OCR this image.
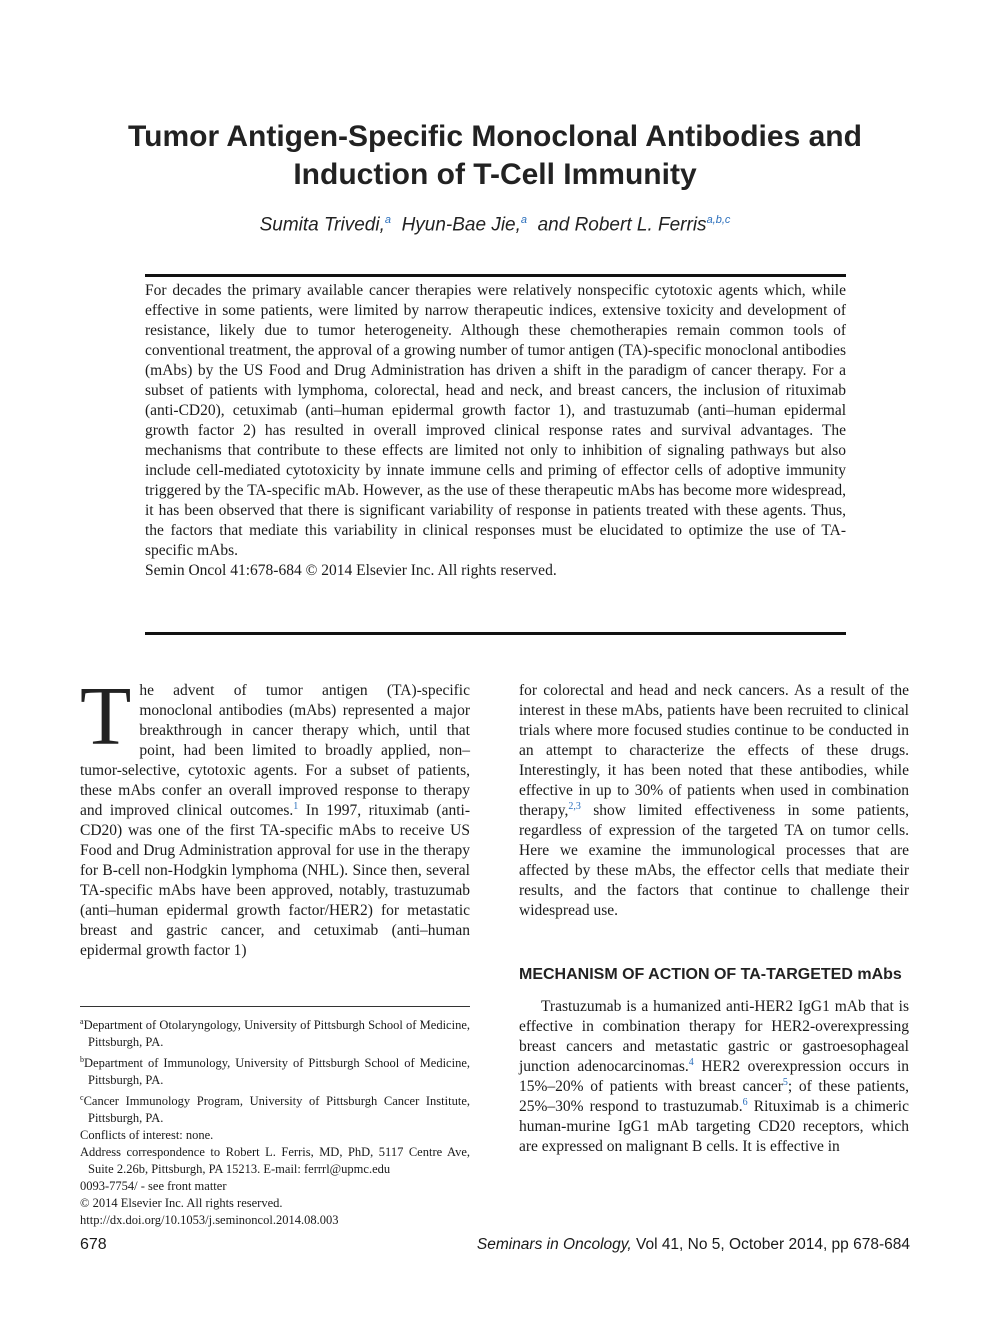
Tumor Antigen-Specific Monoclonal Antibodies and
Induction of T-Cell Immunity
Sumita Trivedi,$^a$ Hyun-Bae Jie,$^a$ and Robert L. Ferris$^{a,b,c}$

For decades the primary available cancer therapies were relatively nonspecific cytotoxic agents which, while effective in some patients, were limited by narrow therapeutic indices, extensive toxicity and development of resistance, likely due to tumor heterogeneity. Although these chemotherapies remain common tools of conventional treatment, the approval of a growing number of tumor antigen (TA)-specific monoclonal antibodies (mAbs) by the US Food and Drug Administration has driven a shift in the paradigm of cancer therapy. For a subset of patients with lymphoma, colorectal, head and neck, and breast cancers, the inclusion of rituximab (anti-CD20), cetuximab (anti–human epidermal growth factor 1), and trastuzumab (anti–human epidermal growth factor 2) has resulted in overall improved clinical response rates and survival advantages. The mechanisms that contribute to these effects are limited not only to inhibition of signaling pathways but also include cell-mediated cytotoxicity by innate immune cells and priming of effector cells of adoptive immunity triggered by the TA-specific mAb. However, as the use of these therapeutic mAbs has become more widespread, it has been observed that there is significant variability of response in patients treated with these agents. Thus, the factors that mediate this variability in clinical responses must be elucidated to optimize the use of TA-specific mAbs.

Semin Oncol 41:678-684 © 2014 Elsevier Inc. All rights reserved.

The advent of tumor antigen (TA)-specific monoclonal antibodies (mAbs) represented a major breakthrough in cancer therapy which, until that point, had been limited to broadly applied, non–tumor-selective, cytotoxic agents. For a subset of patients, these mAbs confer an overall improved response to therapy and improved clinical outcomes.$^1$ In 1997, rituximab (anti-CD20) was one of the first TA-specific mAbs to receive US Food and Drug Administration approval for use in the therapy for B-cell non-Hodgkin lymphoma (NHL). Since then, several TA-specific mAbs have been approved, notably, trastuzumab (anti–human epidermal growth factor/HER2) for metastatic breast and gastric cancer, and cetuximab (anti–human epidermal growth factor 1)

$^a$Department of Otolaryngology, University of Pittsburgh School of Medicine, Pittsburgh, PA.

$^b$Department of Immunology, University of Pittsburgh School of Medicine, Pittsburgh, PA.

$^c$Cancer Immunology Program, University of Pittsburgh Cancer Institute, Pittsburgh, PA.

Conflicts of interest: none.

Address correspondence to Robert L. Ferris, MD, PhD, 5117 Centre Ave, Suite 2.26b, Pittsburgh, PA 15213. E-mail: ferrrl@upmc.edu

0093-7754/ - see front matter

© 2014 Elsevier Inc. All rights reserved.

http://dx.doi.org/10.1053/j.seminoncol.2014.08.003

for colorectal and head and neck cancers. As a result of the interest in these mAbs, patients have been recruited to clinical trials where more focused studies continue to be conducted in an attempt to characterize the effects of these drugs. Interestingly, it has been noted that these antibodies, while effective in up to 30% of patients when used in combination therapy,$^{2,3}$ show limited effectiveness in some patients, regardless of expression of the targeted TA on tumor cells. Here we examine the immunological processes that are affected by these mAbs, the effector cells that mediate their results, and the factors that continue to challenge their widespread use.

MECHANISM OF ACTION OF TA-TARGETED mAbs

Trastuzumab is a humanized anti-HER2 IgG1 mAb that is effective in combination therapy for HER2-overexpressing breast cancers and metastatic gastric or gastroesophageal junction adenocarcinomas.$^4$ HER2 overexpression occurs in 15%–20% of patients with breast cancer$^5$; of these patients, 25%–30% respond to trastuzumab.$^6$ Rituximab is a chimeric human-murine IgG1 mAb targeting CD20 receptors, which are expressed on malignant B cells. It is effective in

678	Seminars in Oncology, Vol 41, No 5, October 2014, pp 678-684
